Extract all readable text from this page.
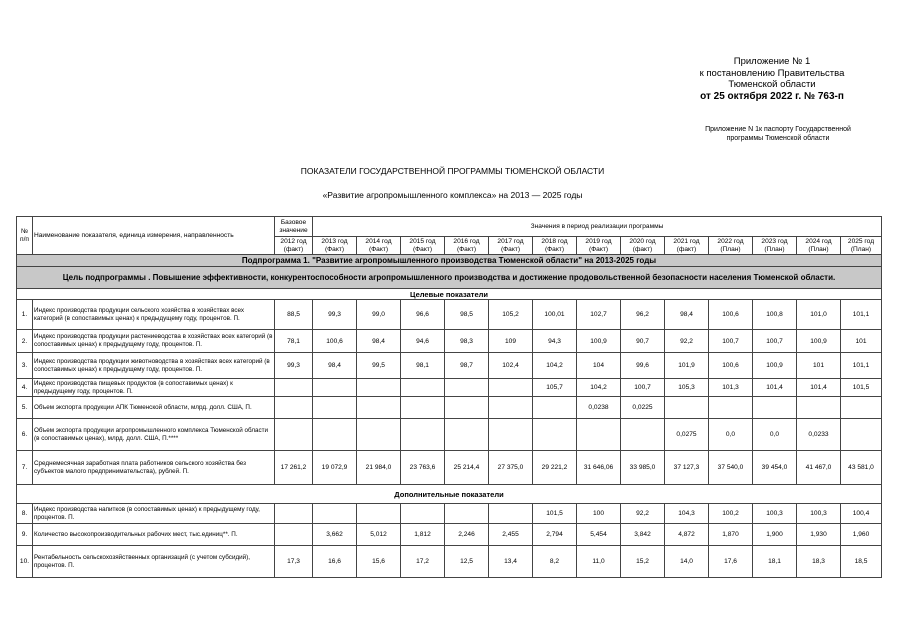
Приложение № 1
к постановлению Правительства
Тюменской области
от 25 октября 2022 г. № 763-п
Приложение N 1к паспорту Государственной
программы Тюменской области
ПОКАЗАТЕЛИ ГОСУДАРСТВЕННОЙ ПРОГРАММЫ ТЮМЕНСКОЙ ОБЛАСТИ
«Развитие агропромышленного комплекса» на 2013 — 2025 годы
№ п/п	Наименование показателя, единица измерения, направленность	Базовое значение	Значения в период реализации программы												
		2012 год (факт)	2013 год (Факт)	2014 год (Факт)	2015 год (Факт)	2016 год (Факт)	2017 год (Факт)	2018 год (Факт)	2019 год (Факт)	2020 год (факт)	2021 год (факт)	2022 год (План)	2023 год (План)	2024 год (План)	2025 год (План)
Подпрограмма 1. "Развитие агропромышленного производства Тюменской области" на 2013-2025 годы															
Цель подпрограммы . Повышение эффективности, конкурентоспособности агропромышленного производства и достижение продовольственной безопасности населения Тюменской области.															
Целевые показатели															
1.	Индекс производства продукции сельского хозяйства в хозяйствах всех категорий (в сопоставимых ценах) к предыдущему году, процентов. П.	88,5	99,3	99,0	96,6	98,5	105,2	100,01	102,7	96,2	98,4	100,6	100,8	101,0	101,1
2.	Индекс производства продукции растениеводства в хозяйствах всех категорий (в сопоставимых ценах) к предыдущему году, процентов. П.	78,1	100,6	98,4	94,6	98,3	109	94,3	100,9	90,7	92,2	100,7	100,7	100,9	101
3.	Индекс производства продукции животноводства в хозяйствах всех категорий (в сопоставимых ценах) к предыдущему году, процентов. П.	99,3	98,4	99,5	98,1	98,7	102,4	104,2	104	99,6	101,9	100,6	100,9	101	101,1
4.	Индекс производства пищевых продуктов (в сопоставимых ценах) к предыдущему году, процентов. П.							105,7	104,2	100,7	105,3	101,3	101,4	101,4	101,5
5.	Объем экспорта продукции АПК Тюменской области, млрд. долл. США, П.								0,0238	0,0225					
6.	Объем экспорта продукции агропромышленного комплекса Тюменской области (в сопоставимых ценах), млрд. долл. США, П.****										0,0275	0,0	0,0	0,0233	
7.	Среднемесячная заработная плата работников сельского хозяйства без субъектов малого предпринимательства), рублей. П.	17 261,2	19 072,9	21 984,0	23 763,6	25 214,4	27 375,0	29 221,2	31 646,06	33 985,0	37 127,3	37 540,0	39 454,0	41 467,0	43 581,0
Дополнительные показатели															
8.	Индекс производства напитков (в сопоставимых ценах) к предыдущему году, процентов. П.							101,5	100	92,2	104,3	100,2	100,3	100,3	100,4
9.	Количество высокопроизводительных рабочих мест, тыс.единиц**. П.		3,662	5,012	1,812	2,246	2,455	2,794	5,454	3,842	4,872	1,870	1,900	1,930	1,960
10.	Рентабельность сельскохозяйственных организаций (с учетом субсидий), процентов. П.	17,3	16,6	15,6	17,2	12,5	13,4	8,2	11,0	15,2	14,0	17,6	18,1	18,3	18,5
